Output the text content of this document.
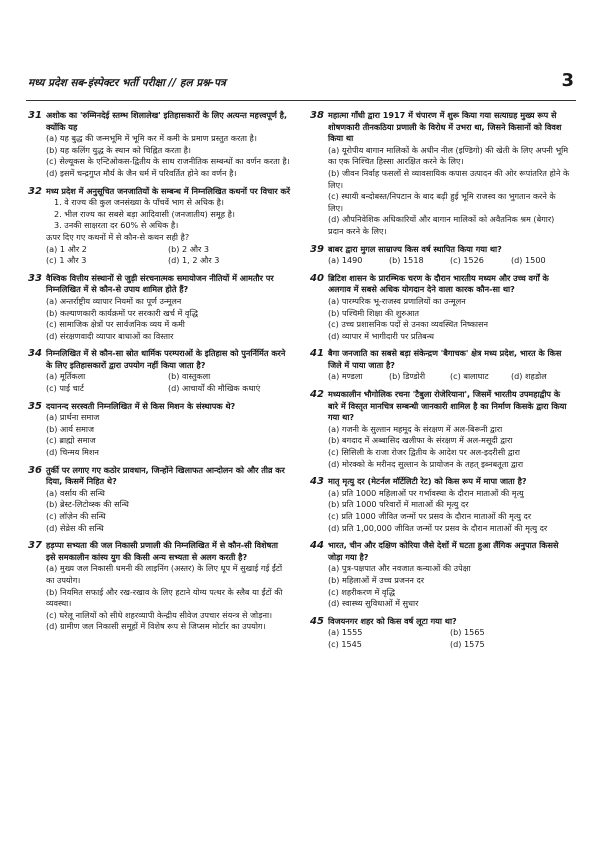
मध्य प्रदेश सब-इंस्पेक्टर भर्ती परीक्षा // हल प्रश्न-पत्र	3
31 अशोक का 'रुम्मिनदेई स्तम्भ शिलालेख' इतिहासकारों के लिए अत्यन्त महत्त्वपूर्ण है, क्योंकि यह
(a) यह बुद्ध की जन्मभूमि में भूमि कर में कमी के प्रमाण प्रस्तुत करता है।
(b) यह कलिंग युद्ध के स्थान को चिह्नित करता है।
(c) सेल्यूकस के एन्टिओकस-द्वितीय के साथ राजनीतिक सम्बन्धों का वर्णन करता है।
(d) इसमें चन्द्रगुप्त मौर्य के जैन धर्म में परिवर्तित होने का वर्णन है।
32 मध्य प्रदेश में अनुसूचित जनजातियों के सम्बन्ध में निम्नलिखित कथनों पर विचार करें
1. वे राज्य की कुल जनसंख्या के पाँचवें भाग से अधिक है।
2. भील राज्य का सबसे बड़ा आदिवासी (जनजातीय) समूह है।
3. उनकी साक्षरता दर 60% से अधिक है।
ऊपर दिए गए कथनों में से कौन-से कथन सही है?
(a) 1 और 2	(b) 2 और 3
(c) 1 और 3	(d) 1, 2 और 3
33 वैश्विक वित्तीय संस्थानों से जुड़ी संरचनात्मक समायोजन नीतियों में आमतौर पर निम्नलिखित में से कौन-से उपाय शामिल होते हैं?
(a) अन्तर्राष्ट्रीय व्यापार नियमों का पूर्ण उन्मूलन
(b) कल्याणकारी कार्यक्रमों पर सरकारी खर्च में वृद्धि
(c) सामाजिक क्षेत्रों पर सार्वजनिक व्यय में कमी
(d) संरक्षणवादी व्यापार बाधाओं का विस्तार
34 निम्नलिखित में से कौन-सा स्रोत धार्मिक परम्पराओं के इतिहास को पुनर्निर्मित करने के लिए इतिहासकारों द्वारा उपयोग नहीं किया जाता है?
(a) मूर्तिकला	(b) वास्तुकला
(c) पाई चार्ट	(d) आचार्यों की मौखिक कथाएं
35 दयानन्द सरस्वती निम्नलिखित में से किस मिशन के संस्थापक थे?
(a) प्रार्थना समाज
(b) आर्य समाज
(c) ब्राह्मो समाज
(d) चिन्मय मिशन
36 तुर्की पर लगाए गए कठोर प्रावधान, जिन्होंने खिलाफत आन्दोलन को और तीव्र कर दिया, किसमें निहित थे?
(a) वर्साय की सन्धि
(b) ब्रेस्ट-लिटोव्स्क की सन्धि
(c) लॉज़ेन की सन्धि
(d) सेव्रेस की सन्धि
37 हड़प्पा सभ्यता की जल निकासी प्रणाली की निम्नलिखित में से कौन-सी विशेषता इसे समकालीन कांस्य युग की किसी अन्य सभ्यता से अलग करती है?
(a) मुख्य जल निकासी धमनी की लाइनिंग (अस्तर) के लिए धूप में सुखाई गई ईंटों का उपयोग।
(b) नियमित सफाई और रख-रखाव के लिए हटाने योग्य पत्थर के स्लैब या ईंटों की व्यवस्था।
(c) घरेलू नालियों को सीधे शहरव्यापी केन्द्रीय सीवेज उपचार संयन्त्र से जोड़ना।
(d) ग्रामीण जल निकासी समूहों में विशेष रूप से जिप्सम मोर्टार का उपयोग।
38 महात्मा गाँधी द्वारा 1917 में चंपारण में शुरू किया गया सत्याग्रह मुख्य रूप से शोषणकारी तीनकठिया प्रणाली के विरोध में उभरा था, जिसने किसानों को विवश किया था
(a) यूरोपीय बागान मालिकों के अधीन नील (इण्डिगो) की खेती के लिए अपनी भूमि का एक निश्चित हिस्सा आरक्षित करने के लिए।
(b) जीवन निर्वाह फसलों से व्यावसायिक कपास उत्पादन की ओर रूपांतरित होने के लिए।
(c) स्थायी बन्दोबस्त/निपटान के बाद बढ़ी हुई भूमि राजस्व का भुगतान करने के लिए।
(d) औपनिवेशिक अधिकारियों और बागान मालिकों को अवैतनिक श्रम (बेगार) प्रदान करने के लिए।
39 बाबर द्वारा मुगल साम्राज्य किस वर्ष स्थापित किया गया था?
(a) 1490	(b) 1518	(c) 1526	(d) 1500
40 ब्रिटिश शासन के प्रारम्भिक चरण के दौरान भारतीय मध्यम और उच्च वर्गों के अलगाव में सबसे अधिक योगदान देने वाला कारक कौन-सा था?
(a) पारम्परिक भू-राजस्व प्रणालियों का उन्मूलन
(b) पश्चिमी शिक्षा की शुरुआत
(c) उच्च प्रशासनिक पदों से उनका व्यवस्थित निष्कासन
(d) व्यापार में भागीदारी पर प्रतिबन्ध
41 बैगा जनजाति का सबसे बड़ा संकेन्द्रण 'बैगाचक' क्षेत्र मध्य प्रदेश, भारत के किस जिले में पाया जाता है?
(a) मण्डला	(b) डिण्डोरी	(c) बालाघाट	(d) शहडोल
42 मध्यकालीन भौगोलिक रचना 'टैबुला रोजेरियाना', जिसमें भारतीय उपमहाद्वीप के बारे में विस्तृत मानचित्र सम्बन्धी जानकारी शामिल है का निर्माण किसके द्वारा किया गया था?
(a) गजनी के सुल्तान महमूद के संरक्षण में अल-बिरूनी द्वारा
(b) बगदाद में अब्बासिद खलीफा के संरक्षण में अल-मसूदी द्वारा
(c) सिसिली के राजा रोजर द्वितीय के आदेश पर अल-इदरीसी द्वारा
(d) मोरक्को के मरीनद सुल्तान के प्रायोजन के तहत् इब्नबतूता द्वारा
43 मातृ मृत्यु दर (मेटर्नल मॉर्टेलिटी रेट) को किस रूप में मापा जाता है?
(a) प्रति 1000 महिलाओं पर गर्भावस्था के दौरान माताओं की मृत्यु
(b) प्रति 1000 परिवारों में माताओं की मृत्यु दर
(c) प्रति 1000 जीवित जन्मों पर प्रसव के दौरान माताओं की मृत्यु दर
(d) प्रति 1,00,000 जीवित जन्मों पर प्रसव के दौरान माताओं की मृत्यु दर
44 भारत, चीन और दक्षिण कोरिया जैसे देशों में घटता हुआ लैंगिक अनुपात किससे जोड़ा गया है?
(a) पुत्र-पक्षपात और नवजात कन्याओं की उपेक्षा
(b) महिलाओं में उच्च प्रजनन दर
(c) शहरीकरण में वृद्धि
(d) स्वास्थ्य सुविधाओं में सुधार
45 विजयनगर शहर को किस वर्ष लूटा गया था?
(a) 1555	(b) 1565
(c) 1545	(d) 1575
